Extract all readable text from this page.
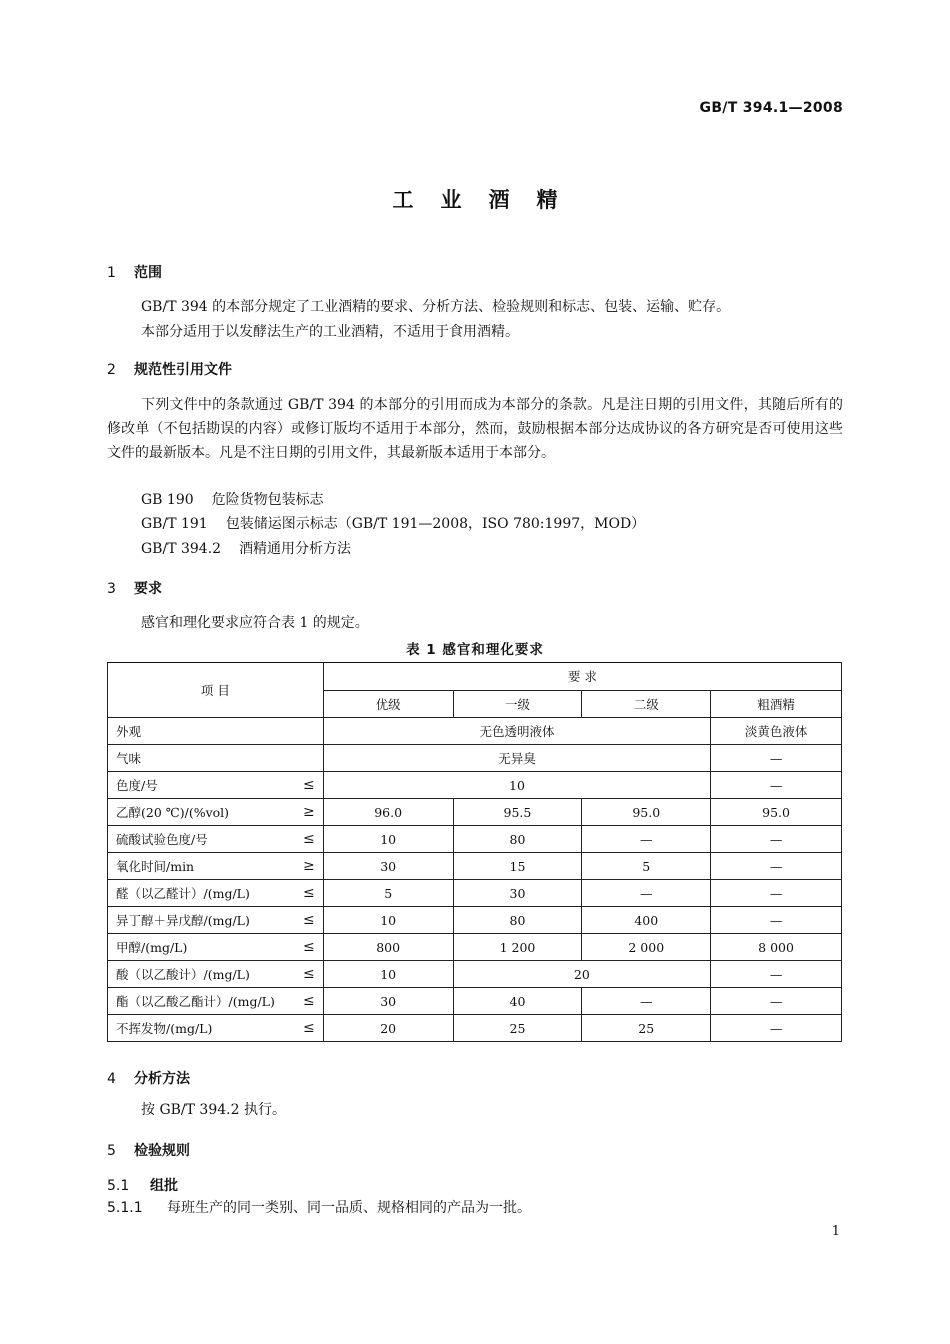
GB/T 394.1—2008
工业酒精
1 范围
GB/T 394 的本部分规定了工业酒精的要求、分析方法、检验规则和标志、包装、运输、贮存。
本部分适用于以发酵法生产的工业酒精，不适用于食用酒精。
2 规范性引用文件
下列文件中的条款通过 GB/T 394 的本部分的引用而成为本部分的条款。凡是注日期的引用文件，其随后所有的修改单（不包括勘误的内容）或修订版均不适用于本部分，然而，鼓励根据本部分达成协议的各方研究是否可使用这些文件的最新版本。凡是不注日期的引用文件，其最新版本适用于本部分。
GB 190 危险货物包装标志
GB/T 191 包装储运图示标志（GB/T 191—2008，ISO 780:1997，MOD）
GB/T 394.2 酒精通用分析方法
3 要求
感官和理化要求应符合表 1 的规定。
表 1 感官和理化要求
项 目	要 求			
	优级	一级	二级	粗酒精

外观	无色透明液体			淡黄色液体

气味	无异臭			—

色度/号 ≤	10			—

乙醇(20 ℃)/(%vol) ≥	96.0	95.5	95.0	95.0

硫酸试验色度/号 ≤	10	80	—	—

氧化时间/min ≥	30	15	5	—

醛（以乙醛计）/(mg/L) ≤	5	30	—	—

异丁醇＋异戊醇/(mg/L) ≤	10	80	400	—

甲醇/(mg/L) ≤	800	1 200	2 000	8 000

酸（以乙酸计）/(mg/L) ≤	10	20		—

酯（以乙酸乙酯计）/(mg/L) ≤	30	40	—	—

不挥发物/(mg/L) ≤	20	25	25	—
4 分析方法
按 GB/T 394.2 执行。
5 检验规则
5.1 组批
5.1.1 每班生产的同一类别、同一品质、规格相同的产品为一批。
1
